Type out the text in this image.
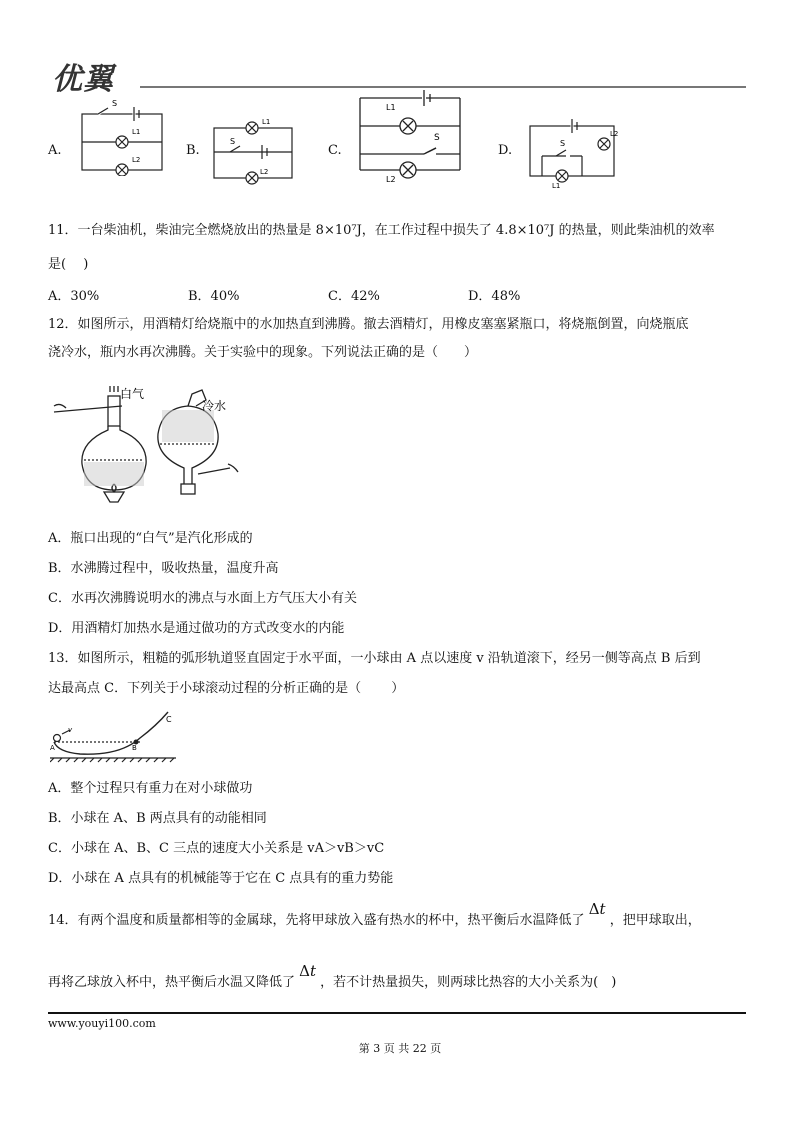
优翼
A.
S
L1
L2
B.
S
L1
L2
C.
L1
S
L2
D.	S
L2
L1
11．一台柴油机，柴油完全燃烧放出的热量是 8×10⁷J，在工作过程中损失了 4.8×10⁷J 的热量，则此柴油机的效率
是(　 )
A．30%	B．40%	C．42%	D．48%
12．如图所示，用酒精灯给烧瓶中的水加热直到沸腾。撤去酒精灯，用橡皮塞塞紧瓶口，将烧瓶倒置，向烧瓶底
浇冷水，瓶内水再次沸腾。关于实验中的现象。下列说法正确的是（　　）
白气
冷水
A．瓶口出现的“白气”是汽化形成的
B．水沸腾过程中，吸收热量，温度升高
C．水再次沸腾说明水的沸点与水面上方气压大小有关
D．用酒精灯加热水是通过做功的方式改变水的内能
13．如图所示，粗糙的弧形轨道竖直固定于水平面，一小球由 A 点以速度 v 沿轨道滚下，经另一侧等高点 B 后到
达最高点 C．下列关于小球滚动过程的分析正确的是（　　 ）
A
v
B
C
A．整个过程只有重力在对小球做功
B．小球在 A、B 两点具有的动能相同
C．小球在 A、B、C 三点的速度大小关系是 vA＞vB＞vC
D．小球在 A 点具有的机械能等于它在 C 点具有的重力势能
14．有两个温度和质量都相等的金属球，先将甲球放入盛有热水的杯中，热平衡后水温降低了 Δt ，把甲球取出，
再将乙球放入杯中，热平衡后水温又降低了 Δt ，若不计热量损失，则两球比热容的大小关系为(　)
www.youyi100.com
第 3 页 共 22 页
